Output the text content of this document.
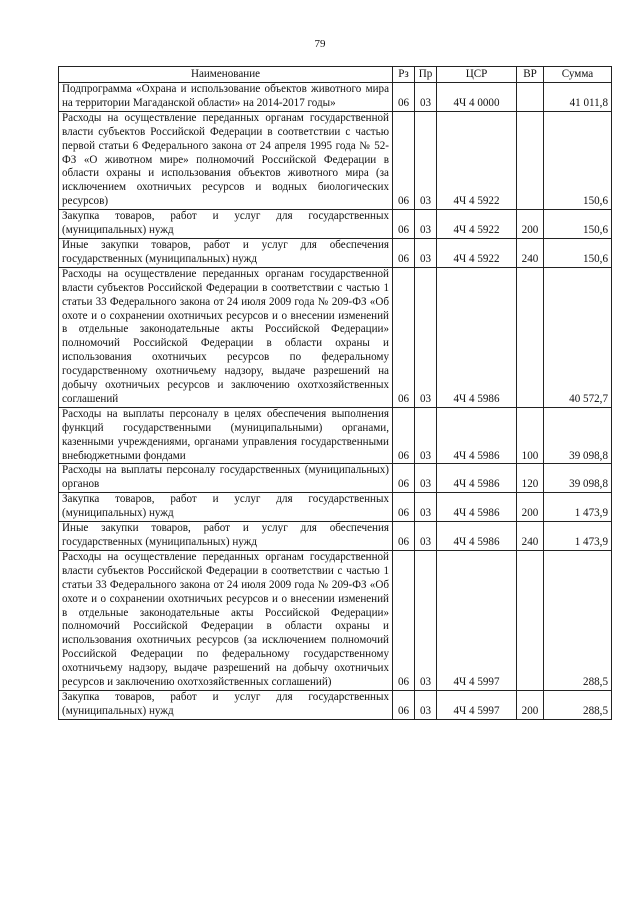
79
Наименование	Рз	Пр	ЦСР	ВР	Сумма
Подпрограмма «Охрана и использование объектов животного мира на территории Магаданской области» на 2014-2017 годы»	06	03	4Ч 4 0000		41 011,8
Расходы на осуществление переданных органам государственной власти субъектов Российской Федерации в соответствии с частью первой статьи 6 Федерального закона от 24 апреля 1995 года № 52-ФЗ «О животном мире» полномочий Российской Федерации в области охраны и использования объектов животного мира (за исключением охотничьих ресурсов и водных биологических ресурсов)	06	03	4Ч 4 5922		150,6
Закупка товаров, работ и услуг для государственных (муниципальных) нужд	06	03	4Ч 4 5922	200	150,6
Иные закупки товаров, работ и услуг для обеспечения государственных (муниципальных) нужд	06	03	4Ч 4 5922	240	150,6
Расходы на осуществление переданных органам государственной власти субъектов Российской Федерации в соответствии с частью 1 статьи 33 Федерального закона от 24 июля 2009 года № 209-ФЗ «Об охоте и о сохранении охотничьих ресурсов и о внесении изменений в отдельные законодательные акты Российской Федерации» полномочий Российской Федерации в области охраны и использования охотничьих ресурсов по федеральному государственному охотничьему надзору, выдаче разрешений на добычу охотничьих ресурсов и заключению охотхозяйственных соглашений	06	03	4Ч 4 5986		40 572,7
Расходы на выплаты персоналу в целях обеспечения выполнения функций государственными (муниципальными) органами, казенными учреждениями, органами управления государственными внебюджетными фондами	06	03	4Ч 4 5986	100	39 098,8
Расходы на выплаты персоналу государственных (муниципальных) органов	06	03	4Ч 4 5986	120	39 098,8
Закупка товаров, работ и услуг для государственных (муниципальных) нужд	06	03	4Ч 4 5986	200	1 473,9
Иные закупки товаров, работ и услуг для обеспечения государственных (муниципальных) нужд	06	03	4Ч 4 5986	240	1 473,9
Расходы на осуществление переданных органам государственной власти субъектов Российской Федерации в соответствии с частью 1 статьи 33 Федерального закона от 24 июля 2009 года № 209-ФЗ «Об охоте и о сохранении охотничьих ресурсов и о внесении изменений в отдельные законодательные акты Российской Федерации» полномочий Российской Федерации в области охраны и использования охотничьих ресурсов (за исключением полномочий Российской Федерации по федеральному государственному охотничьему надзору, выдаче разрешений на добычу охотничьих ресурсов и заключению охотхозяйственных соглашений)	06	03	4Ч 4 5997		288,5
Закупка товаров, работ и услуг для государственных (муниципальных) нужд	06	03	4Ч 4 5997	200	288,5
